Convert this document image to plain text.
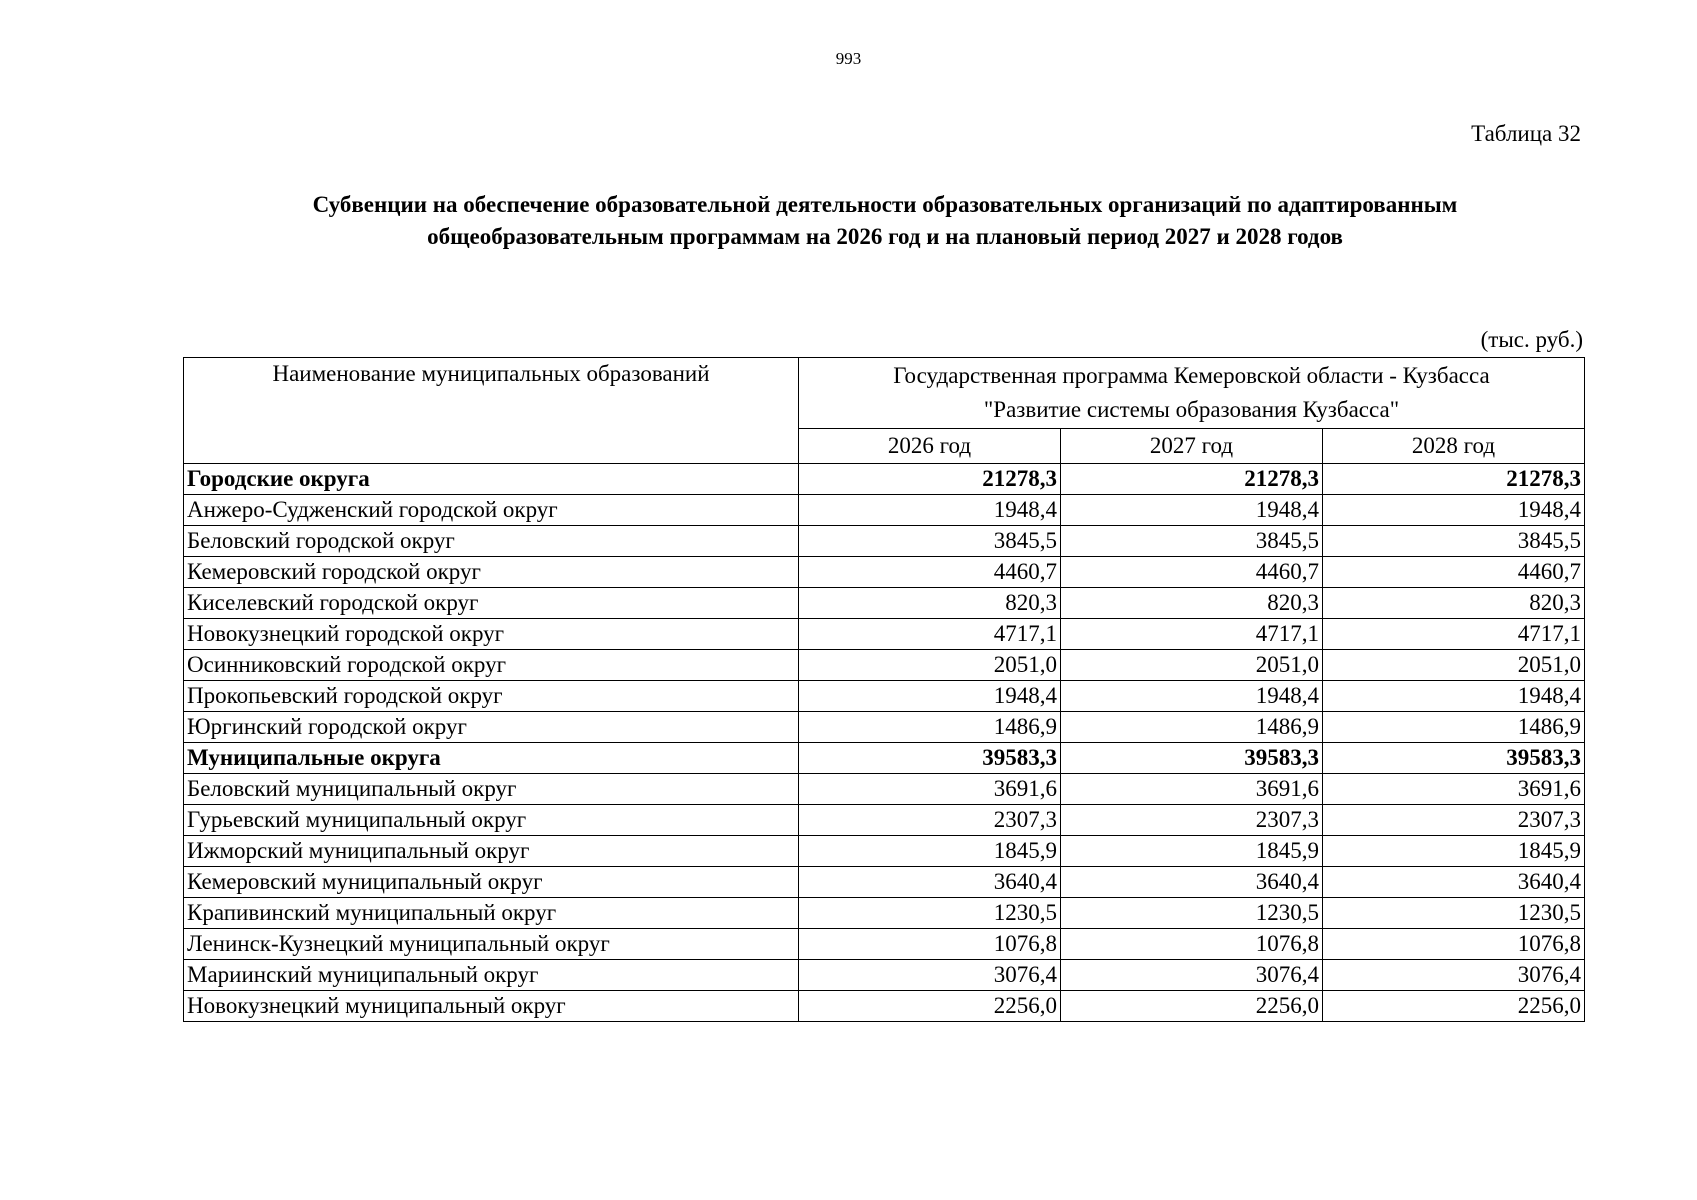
993
Таблица 32
Субвенции на обеспечение образовательной деятельности образовательных организаций по адаптированным
общеобразовательным программам на 2026 год и на плановый период 2027 и 2028 годов
(тыс. руб.)
Наименование муниципальных образований	Государственная программа Кемеровской области - Кузбасса
"Развитие системы образования Кузбасса"		

	2026 год	2027 год	2028 год
Городские округа	21278,3	21278,3	21278,3
Анжеро-Судженский городской округ	1948,4	1948,4	1948,4
Беловский городской округ	3845,5	3845,5	3845,5
Кемеровский городской округ	4460,7	4460,7	4460,7
Киселевский городской округ	820,3	820,3	820,3
Новокузнецкий городской округ	4717,1	4717,1	4717,1
Осинниковский городской округ	2051,0	2051,0	2051,0
Прокопьевский городской округ	1948,4	1948,4	1948,4
Юргинский городской округ	1486,9	1486,9	1486,9
Муниципальные округа	39583,3	39583,3	39583,3
Беловский муниципальный округ	3691,6	3691,6	3691,6
Гурьевский муниципальный округ	2307,3	2307,3	2307,3
Ижморский муниципальный округ	1845,9	1845,9	1845,9
Кемеровский муниципальный округ	3640,4	3640,4	3640,4
Крапивинский муниципальный округ	1230,5	1230,5	1230,5
Ленинск-Кузнецкий муниципальный округ	1076,8	1076,8	1076,8
Мариинский муниципальный округ	3076,4	3076,4	3076,4
Новокузнецкий муниципальный округ	2256,0	2256,0	2256,0
